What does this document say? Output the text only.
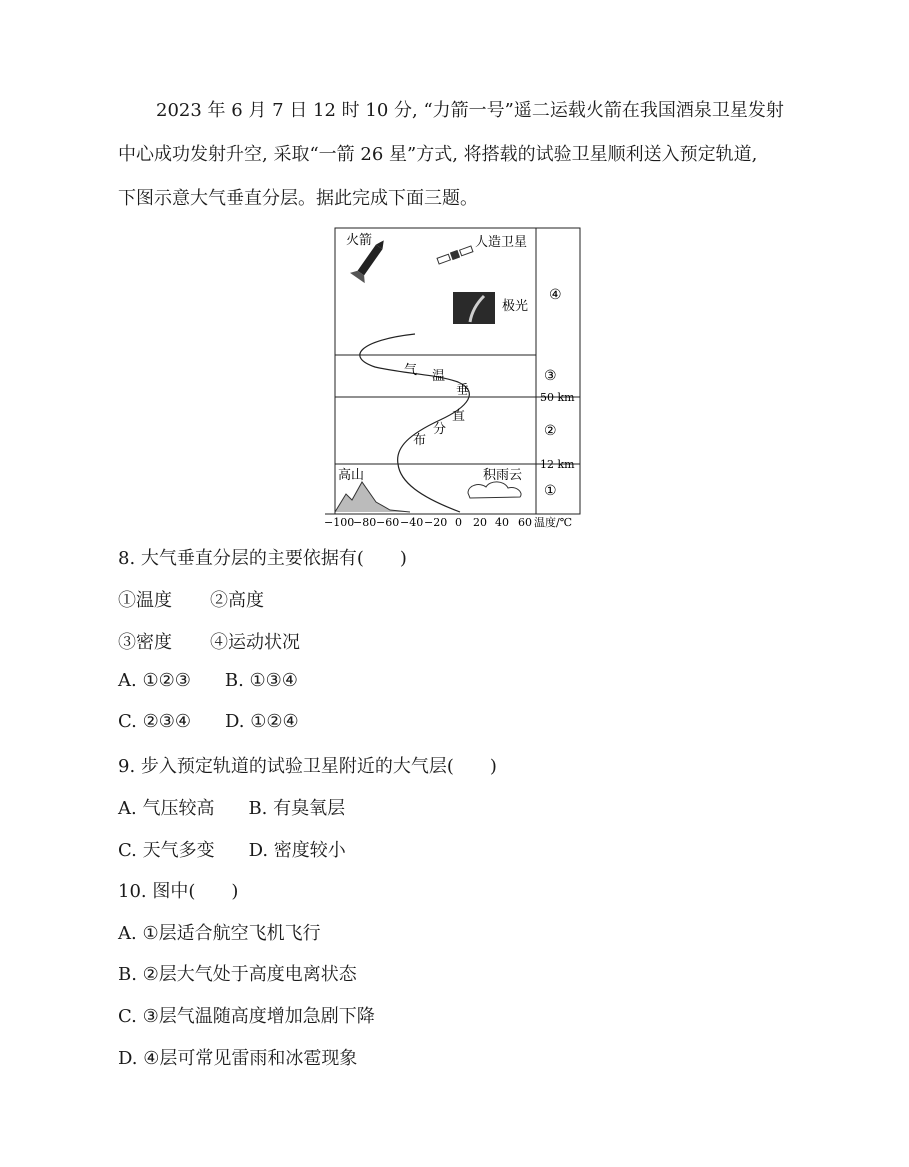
2023 年 6 月 7 日 12 时 10 分, “力箭一号”遥二运载火箭在我国酒泉卫星发射
中心成功发射升空, 采取“一箭 26 星”方式, 将搭载的试验卫星顺利送入预定轨道,
下图示意大气垂直分层。据此完成下面三题。
火箭	人造卫星
极光
气 温
垂
直
分
布
高山	积雨云
④
③
50 km
②
12 km
①
−100
−80 −60 −40 −20 0 20 40 60 温度/℃
8. 大气垂直分层的主要依据有(　　)
①温度 ②高度
③密度 ④运动状况
A. ①②③ B. ①③④
C. ②③④ D. ①②④
9. 步入预定轨道的试验卫星附近的大气层(　　)
A. 气压较高 B. 有臭氧层
C. 天气多变 D. 密度较小
10. 图中(　　)
A. ①层适合航空飞机飞行
B. ②层大气处于高度电离状态
C. ③层气温随高度增加急剧下降
D. ④层可常见雷雨和冰雹现象
